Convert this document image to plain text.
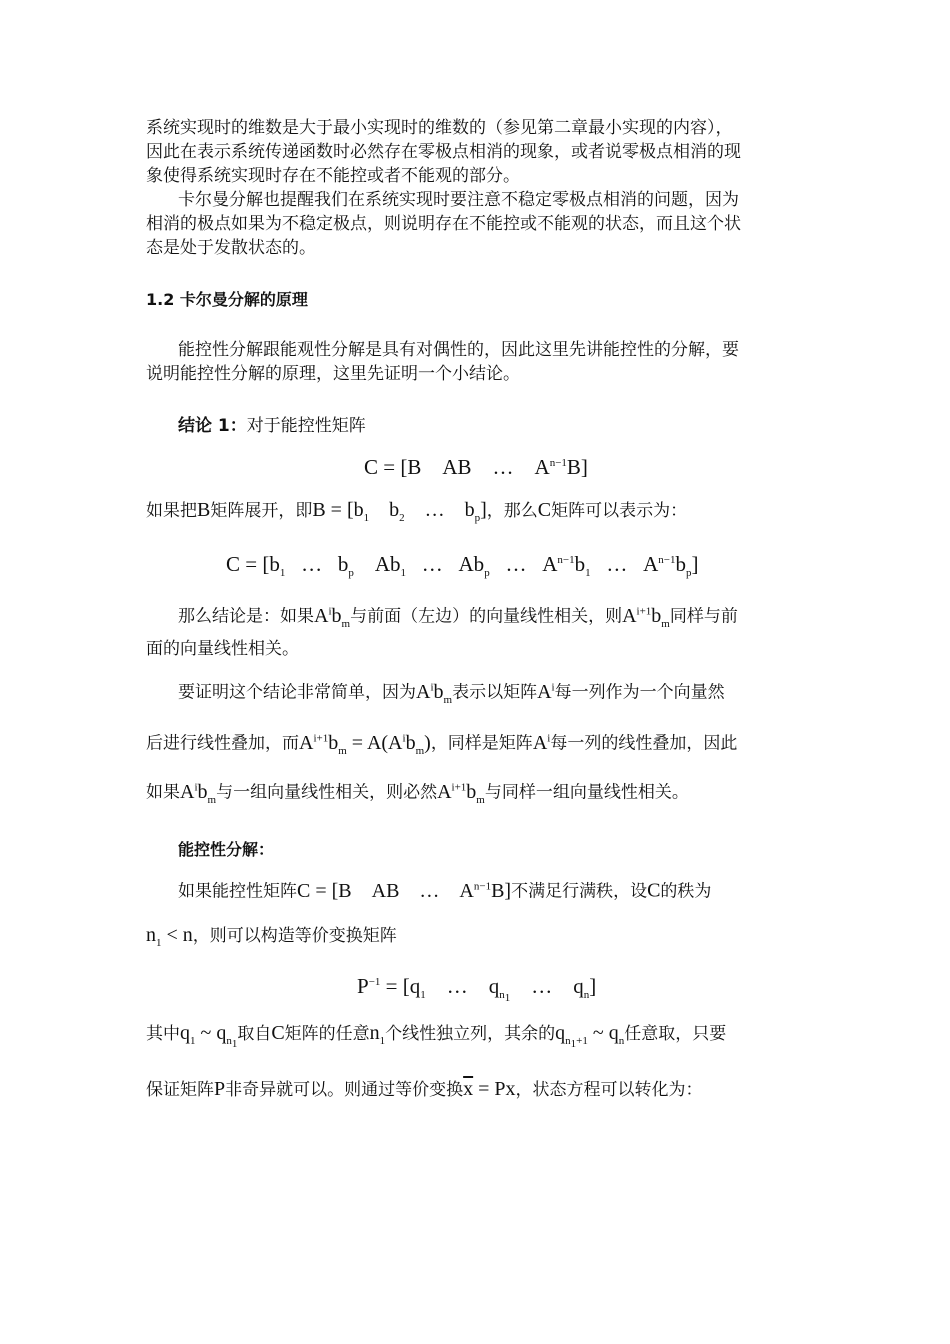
系统实现时的维数是大于最小实现时的维数的（参见第二章最小实现的内容），
因此在表示系统传递函数时必然存在零极点相消的现象，或者说零极点相消的现
象使得系统实现时存在不能控或者不能观的部分。
卡尔曼分解也提醒我们在系统实现时要注意不稳定零极点相消的问题，因为
相消的极点如果为不稳定极点，则说明存在不能控或不能观的状态，而且这个状
态是处于发散状态的。
1.2 卡尔曼分解的原理
能控性分解跟能观性分解是具有对偶性的，因此这里先讲能控性的分解，要
说明能控性分解的原理，这里先证明一个小结论。
结论 1：对于能控性矩阵
C = [B    AB    …    $A^{n-1}B$]
如果把B矩阵展开，即$B = [b_1$    $b_2$    …    $b_p$]，那么C矩阵可以表示为：
$C = [b_1$   …   $b_p$    $Ab_1$   …   $Ab_p$   …   $A^{n-1}b_1$   …   $A^{n-1}b_p$]
那么结论是：如果$A^ib_m$与前面（左边）的向量线性相关，则$A^{i+1}b_m$同样与前
面的向量线性相关。
要证明这个结论非常简单，因为$A^ib_m$表示以矩阵$A^i$每一列作为一个向量然
后进行线性叠加，而$A^{i+1}b_m = A(A^ib_m)$，同样是矩阵$A^i$每一列的线性叠加，因此
如果$A^ib_m$与一组向量线性相关，则必然$A^{i+1}b_m$与同样一组向量线性相关。
能控性分解：
如果能控性矩阵C = [B    AB    …    $A^{n-1}B$]不满足行满秩，设C的秩为
$n_1 < n$，则可以构造等价变换矩阵
$P^{-1} = [q_1$    …    $q_{n_1}$    …    $q_n$]
其中$q_1$ ~ $q_{n_1}$取自C矩阵的任意$n_1$个线性独立列，其余的$q_{n_1+1}$ ~ $q_n$任意取，只要
保证矩阵P非奇异就可以。则通过等价变换$\overline{x} = Px$，状态方程可以转化为：
